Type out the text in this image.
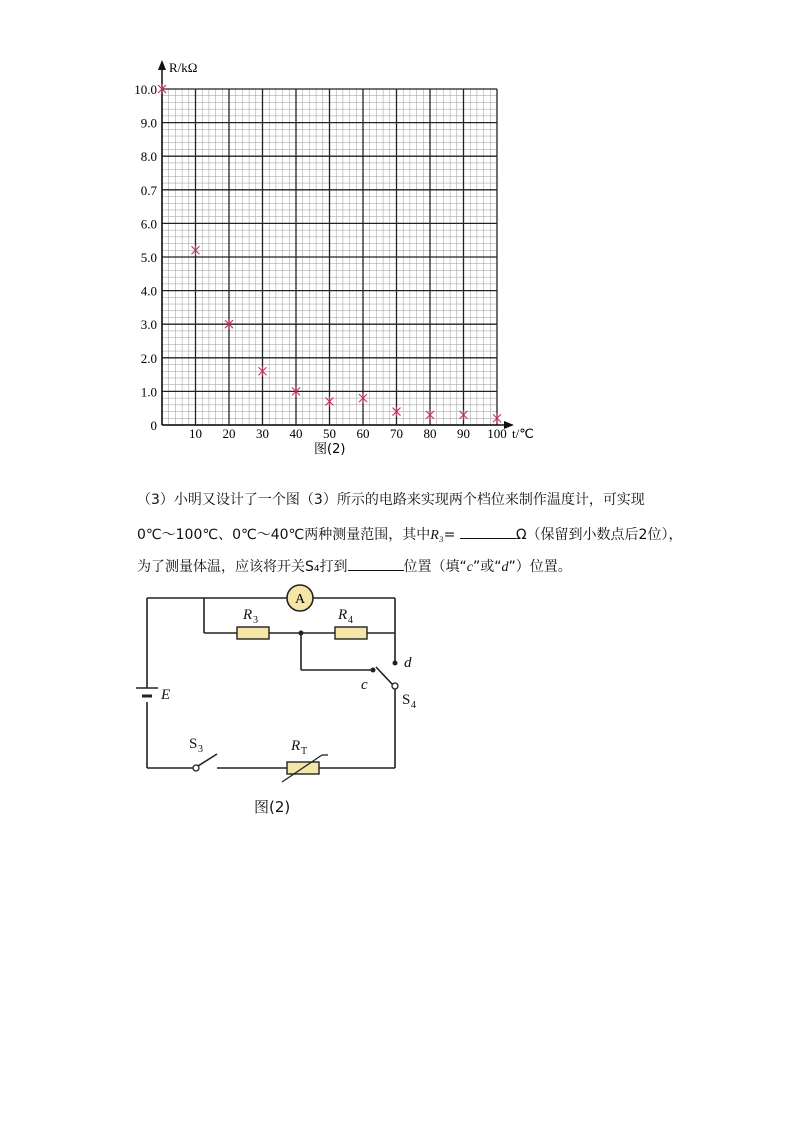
10 20 30 40 50 60 70 80 90 100
0
1.0
2.0
3.0
4.0
5.0
6.0
0.7
8.0
9.0
10.0
R/kΩ
t/℃
图(2)
（3）小明又设计了一个图（3）所示的电路来实现两个档位来制作温度计，可实现
0℃～100℃、0℃～40℃两种测量范围，其中R₃=	Ω（保留到小数点后2位），
为了测量体温，应该将开关S₄打到	位置（填“c”或“d”）位置。
A
R 3	R 4
d
c
S 4
E
S 3	R T
图(2)
